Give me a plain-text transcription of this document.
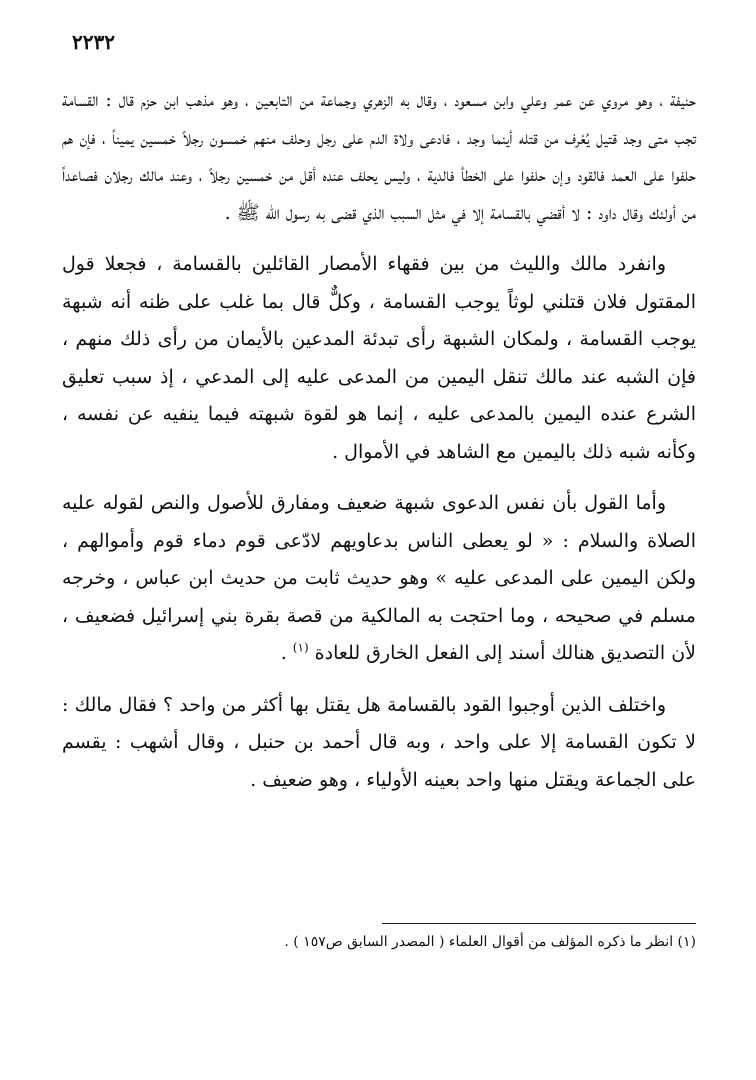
٢٢٣٢

حنيفة ، وهو مروي عن عمر وعلي وابن مسعود ، وقال به الزهري وجماعة من التابعين ، وهو مذهب ابن حزم قال : القسامة تجب متى وجد قتيل يُعْرف من قتله أينما وجد ، فادعى ولاة الدم على رجل وحلف منهم خمسون رجلاً خمسين يميناً ، فإن هم حلفوا على العمد فالقود وإن حلفوا على الخطأ فالدية ، وليس يحلف عنده أقل من خمسين رجلاً ، وعند مالك رجلان فصاعداً من أولئك وقال داود : لا أقضي بالقسامة إلا في مثل السبب الذي قضى به رسول الله ﷺ .

وانفرد مالك والليث من بين فقهاء الأمصار القائلين بالقسامة ، فجعلا قول المقتول فلان قتلني لوثاً يوجب القسامة ، وكلٌّ قال بما غلب على ظنه أنه شبهة يوجب القسامة ، ولمكان الشبهة رأى تبدئة المدعين بالأيمان من رأى ذلك منهم ، فإن الشبه عند مالك تنقل اليمين من المدعى عليه إلى المدعي ، إذ سبب تعليق الشرع عنده اليمين بالمدعى عليه ، إنما هو لقوة شبهته فيما ينفيه عن نفسه ، وكأنه شبه ذلك باليمين مع الشاهد في الأموال .

وأما القول بأن نفس الدعوى شبهة ضعيف ومفارق للأصول والنص لقوله عليه الصلاة والسلام : « لو يعطى الناس بدعاويهم لادّعى قوم دماء قوم وأموالهم ، ولكن اليمين على المدعى عليه » وهو حديث ثابت من حديث ابن عباس ، وخرجه مسلم في صحيحه ، وما احتجت به المالكية من قصة بقرة بني إسرائيل فضعيف ، لأن التصديق هنالك أسند إلى الفعل الخارق للعادة $^{(١)}$ .

واختلف الذين أوجبوا القود بالقسامة هل يقتل بها أكثر من واحد ؟ فقال مالك : لا تكون القسامة إلا على واحد ، وبه قال أحمد بن حنبل ، وقال أشهب : يقسم على الجماعة ويقتل منها واحد بعينه الأولياء ، وهو ضعيف .

(١) انظر ما ذكره المؤلف من أقوال العلماء ( المصدر السابق ص١٥٧ ) .
